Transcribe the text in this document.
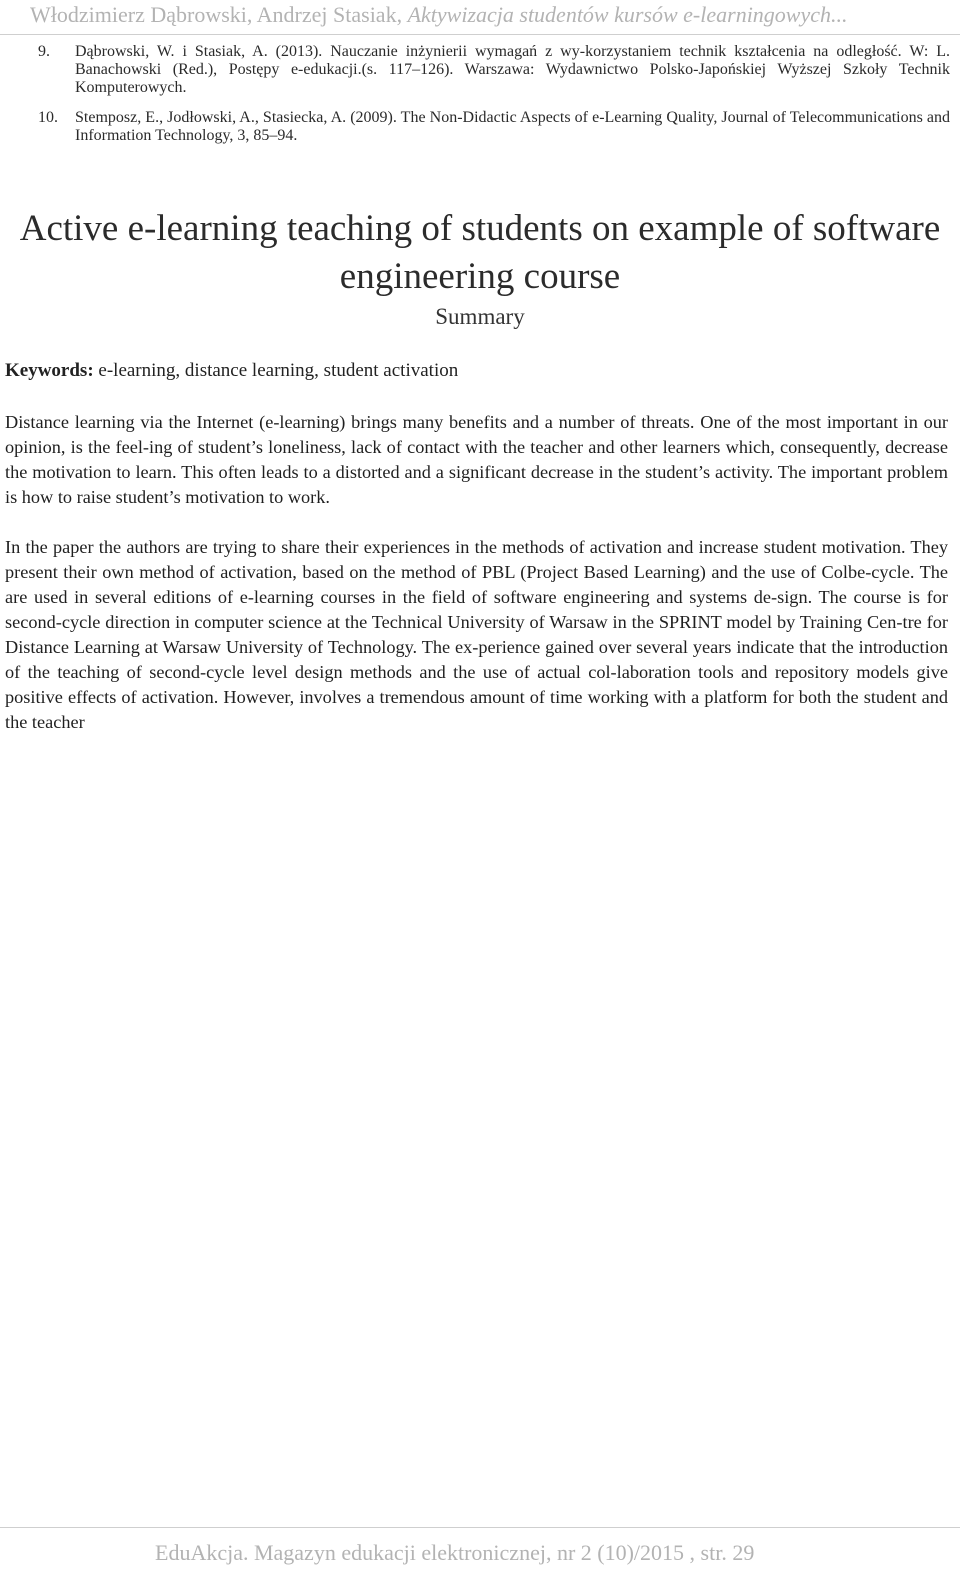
Włodzimierz Dąbrowski, Andrzej Stasiak, Aktywizacja studentów kursów e-learningowych...
9.	Dąbrowski, W. i Stasiak, A. (2013). Nauczanie inżynierii wymagań z wy-korzystaniem technik kształcenia na odległość. W: L. Banachowski (Red.), Postępy e-edukacji.(s. 117–126). Warszawa: Wydawnictwo Polsko-Japońskiej Wyższej Szkoły Technik Komputerowych.
10.	Stemposz, E., Jodłowski, A., Stasiecka, A. (2009). The Non-Didactic Aspects of e-Learning Quality, Journal of Telecommunications and Information Technology, 3, 85–94.
Active e-learning teaching of students on example of software engineering course
Summary
Keywords: e-learning, distance learning, student activation

Distance learning via the Internet (e-learning) brings many benefits and a number of threats. One of the most important in our opinion, is the feel-ing of student’s loneliness, lack of contact with the teacher and other learners which, consequently, decrease the motivation to learn. This often leads to a distorted and a significant decrease in the student’s activity. The important problem is how to raise student’s motivation to work.

In the paper the authors are trying to share their experiences in the methods of activation and increase student motivation. They present their own method of activation, based on the method of PBL (Project Based Learning) and the use of Colbe-cycle. The are used in several editions of e-learning courses in the field of software engineering and systems de-sign. The course is for second-cycle direction in computer science at the Technical University of Warsaw in the SPRINT model by Training Cen-tre for Distance Learning at Warsaw University of Technology. The ex-perience gained over several years indicate that the introduction of the teaching of second-cycle level design methods and the use of actual col-laboration tools and repository models give positive effects of activation. However, involves a tremendous amount of time working with a platform for both the student and the teacher

EduAkcja. Magazyn edukacji elektronicznej, nr 2 (10)/2015 , str. 29
